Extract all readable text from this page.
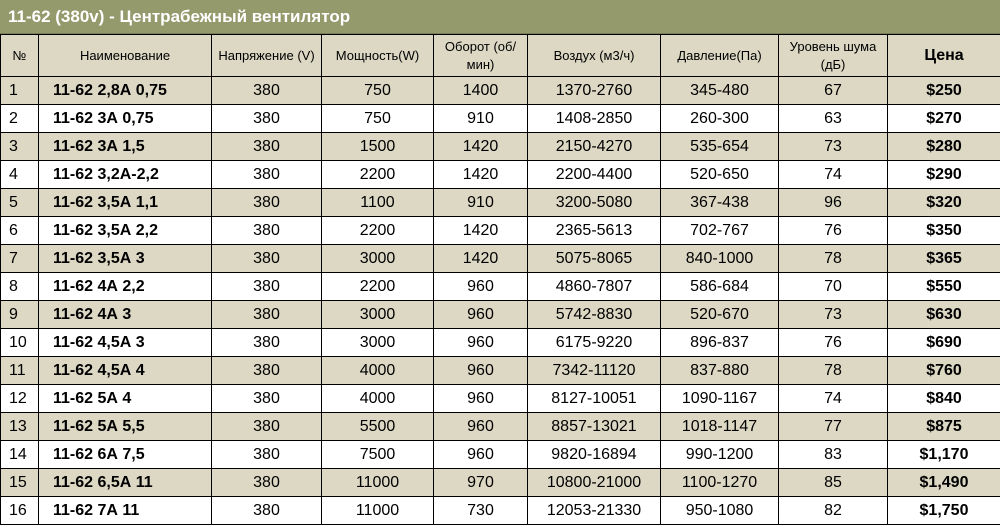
11-62 (380v) - Центрабежный вентилятор
№	Наименование	Напряжение (V)	Мощность(W)	Оборот (об/мин)	Воздух (м3/ч)	Давление(Па)	Уровень шума (дБ)	Цена
1	11-62 2,8А 0,75	380	750	1400	1370-2760	345-480	67	$250
2	11-62 3А 0,75	380	750	910	1408-2850	260-300	63	$270
3	11-62 3А 1,5	380	1500	1420	2150-4270	535-654	73	$280
4	11-62 3,2А-2,2	380	2200	1420	2200-4400	520-650	74	$290
5	11-62 3,5А 1,1	380	1100	910	3200-5080	367-438	96	$320
6	11-62 3,5А 2,2	380	2200	1420	2365-5613	702-767	76	$350
7	11-62 3,5А 3	380	3000	1420	5075-8065	840-1000	78	$365
8	11-62 4А 2,2	380	2200	960	4860-7807	586-684	70	$550
9	11-62 4А 3	380	3000	960	5742-8830	520-670	73	$630
10	11-62 4,5А 3	380	3000	960	6175-9220	896-837	76	$690
11	11-62 4,5А 4	380	4000	960	7342-11120	837-880	78	$760
12	11-62 5А 4	380	4000	960	8127-10051	1090-1167	74	$840
13	11-62 5А 5,5	380	5500	960	8857-13021	1018-1147	77	$875
14	11-62 6А 7,5	380	7500	960	9820-16894	990-1200	83	$1,170
15	11-62 6,5А 11	380	11000	970	10800-21000	1100-1270	85	$1,490
16	11-62 7А 11	380	11000	730	12053-21330	950-1080	82	$1,750
